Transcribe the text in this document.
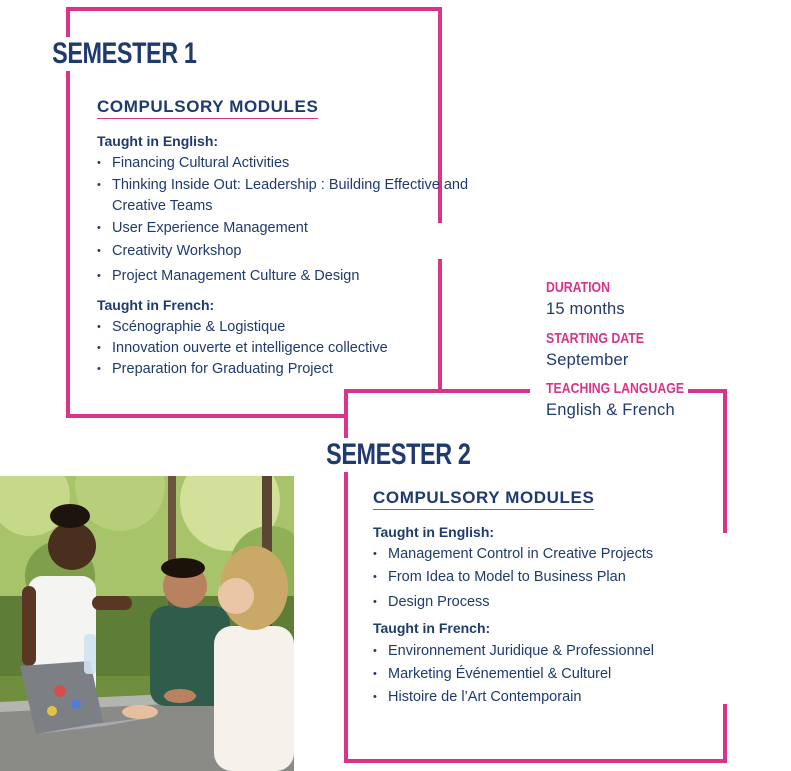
SEMESTER 1
COMPULSORY MODULES
Taught in English:
• Financing Cultural Activities
• Thinking Inside Out: Leadership : Building Effective and Creative Teams
• User Experience Management
• Creativity Workshop
• Project Management Culture & Design
Taught in French:
• Scénographie & Logistique
• Innovation ouverte et intelligence collective
• Preparation for Graduating Project
DURATION
15 months
STARTING DATE
September
TEACHING LANGUAGE
English & French
SEMESTER 2
COMPULSORY MODULES
Taught in English:
• Management Control in Creative Projects
• From Idea to Model to Business Plan
• Design Process
Taught in French:
• Environnement Juridique & Professionnel
• Marketing Événementiel & Culturel
• Histoire de l’Art Contemporain
